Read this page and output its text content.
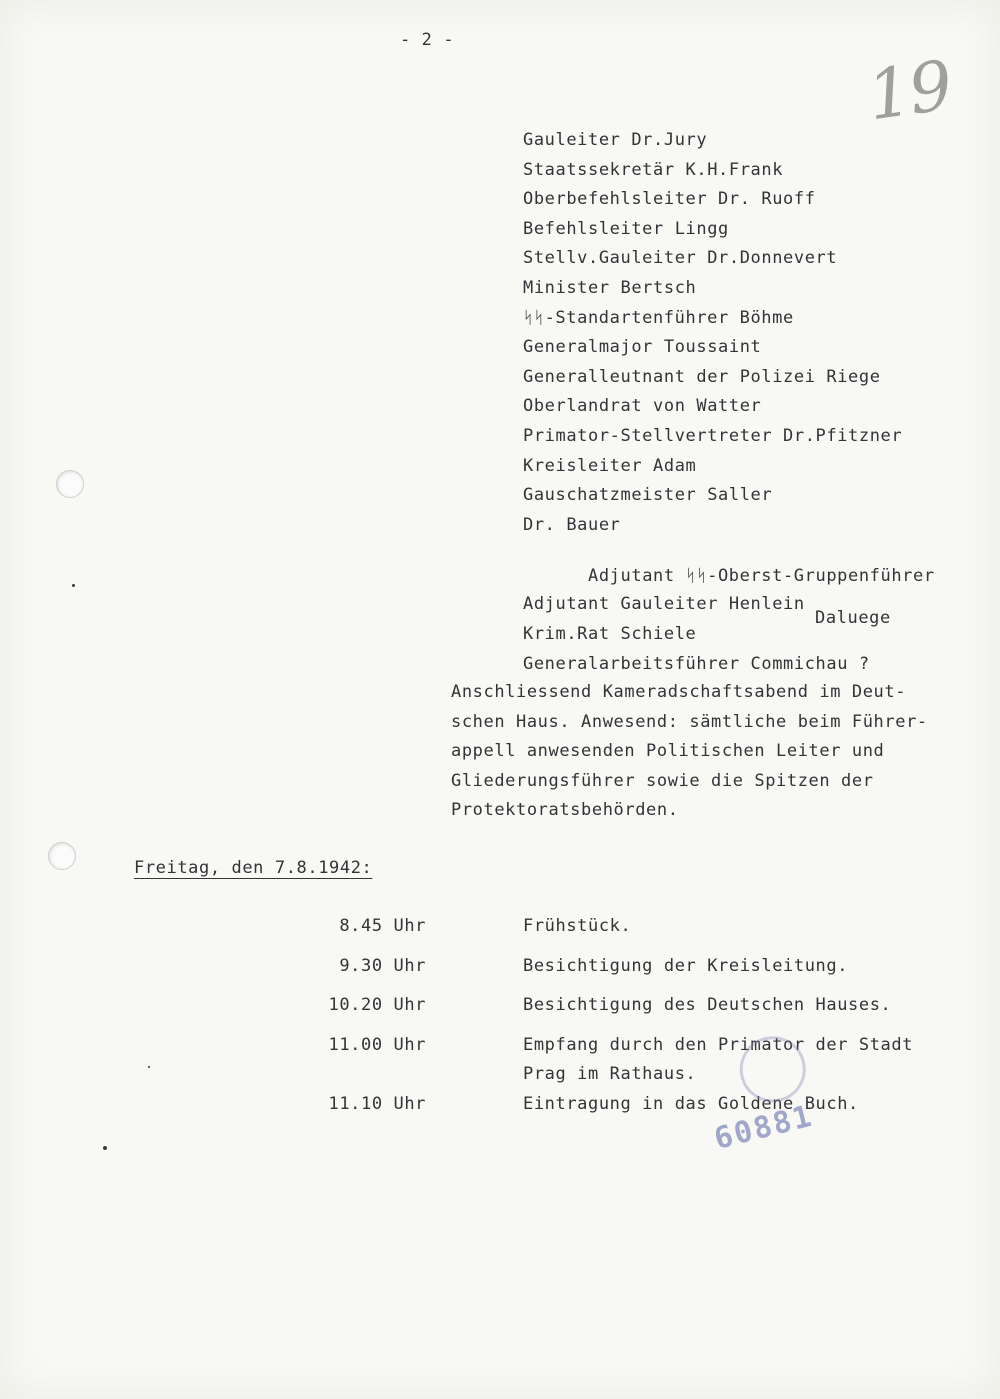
- 2 -
19
Gauleiter Dr.Jury
Staatssekretär K.H.Frank
Oberbefehlsleiter Dr. Ruoff
Befehlsleiter Lingg
Stellv.Gauleiter Dr.Donnevert
Minister Bertsch
ᛋᛋ-Standartenführer Böhme
Generalmajor Toussaint
Generalleutnant der Polizei Riege
Oberlandrat von Watter
Primator-Stellvertreter Dr.Pfitzner
Kreisleiter Adam
Gauschatzmeister Saller
Dr. Bauer

Adjutant ᛋᛋ-Oberst-Gruppenführer

Daluege

Adjutant Gauleiter Henlein
Krim.Rat Schiele
Generalarbeitsführer Commichau ?

Anschliessend Kameradschaftsabend im Deut-
schen Haus. Anwesend: sämtliche beim Führer-
appell anwesenden Politischen Leiter und
Gliederungsführer sowie die Spitzen der
Protektoratsbehörden.

Freitag, den 7.8.1942:
8.45 Uhr	Frühstück.
9.30 Uhr	Besichtigung der Kreisleitung.
10.20 Uhr	Besichtigung des Deutschen Hauses.
11.00 Uhr	Empfang durch den Primator der Stadt
Prag im Rathaus.
11.10 Uhr	Eintragung in das Goldene Buch.
60881
